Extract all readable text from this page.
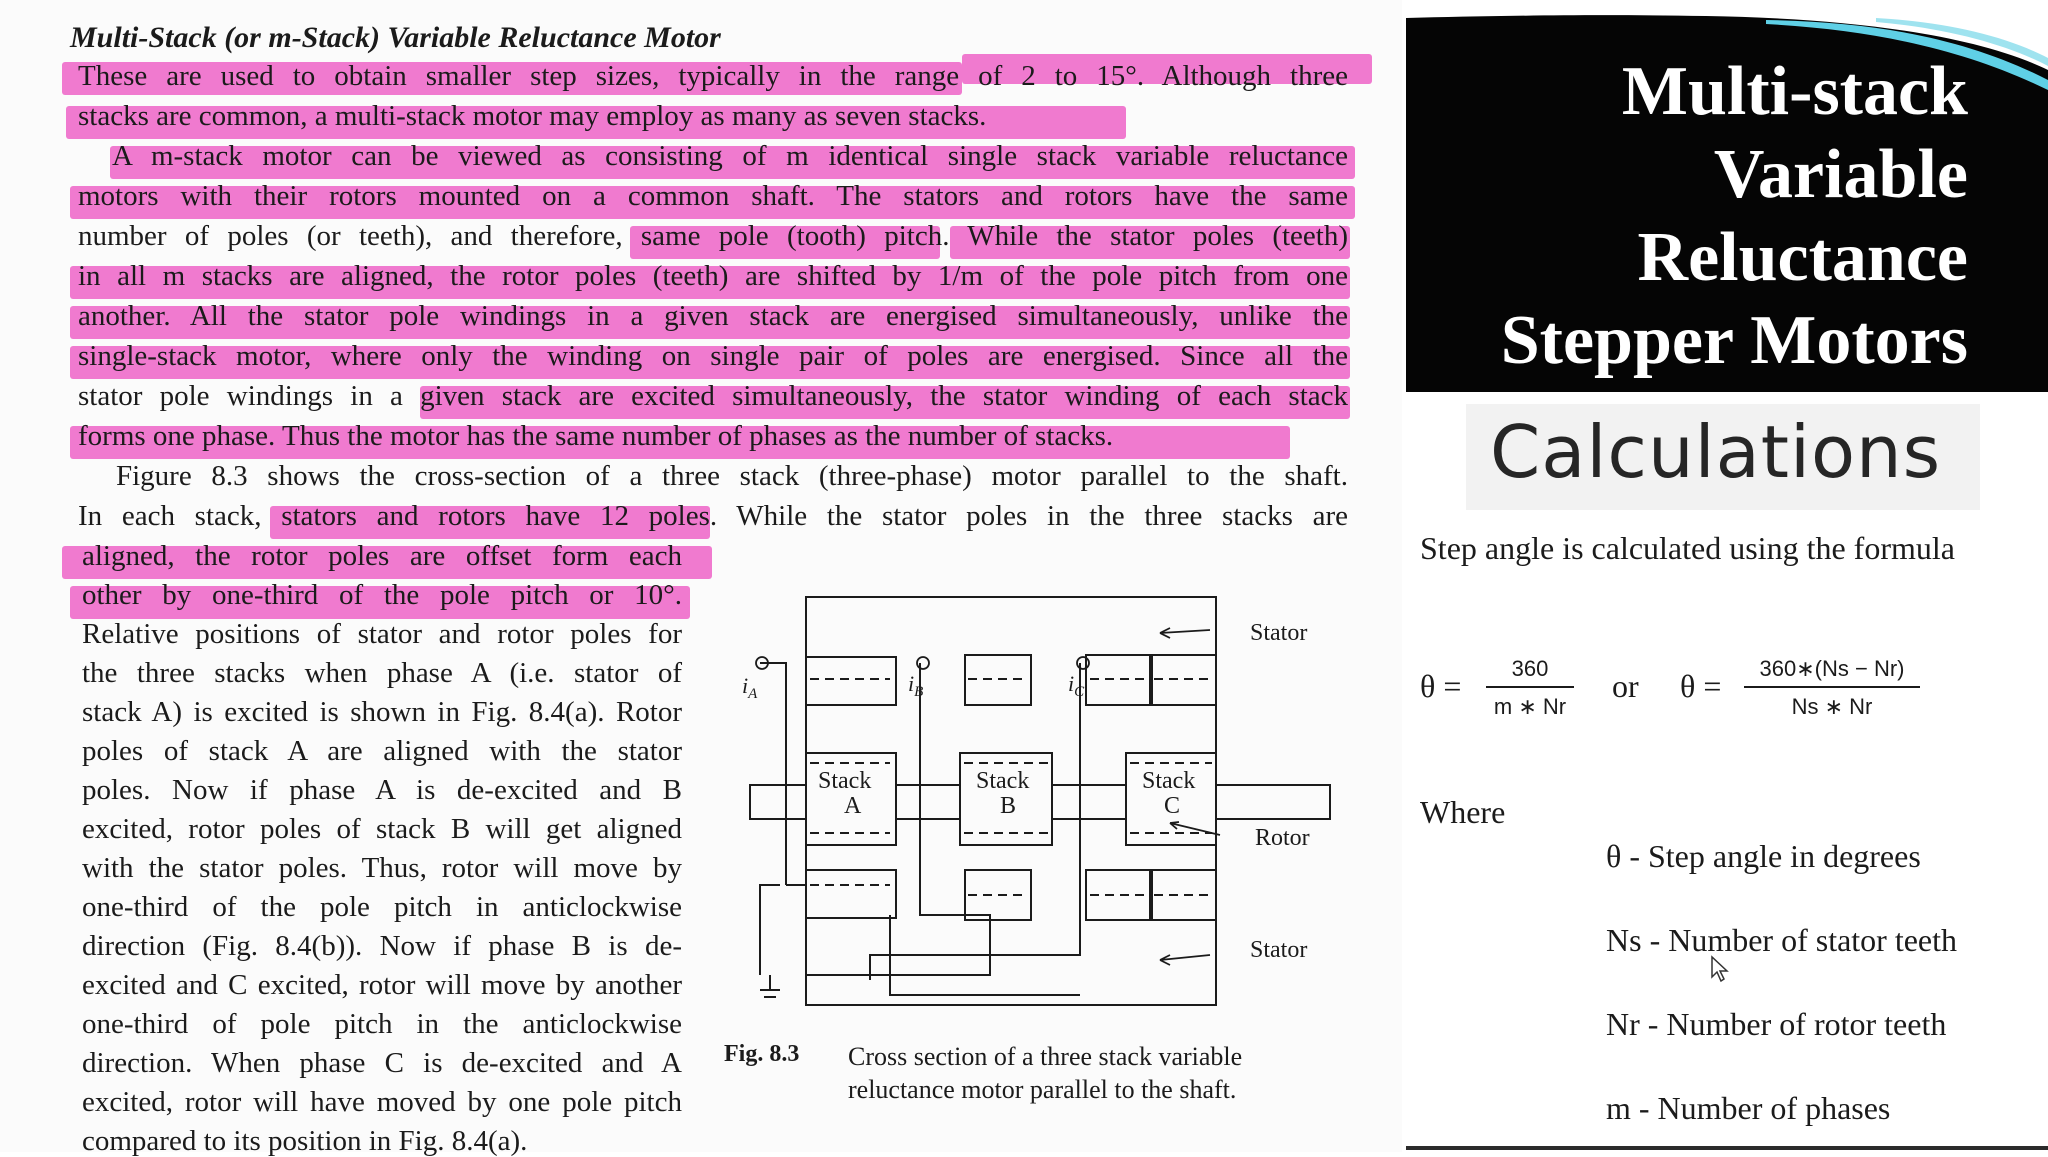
Multi-Stack (or m-Stack) Variable Reluctance Motor
These are used to obtain smaller step sizes, typically in the range of 2 to 15°. Although three
stacks are common, a multi-stack motor may employ as many as seven stacks.
A m-stack motor can be viewed as consisting of m identical single stack variable reluctance
motors with their rotors mounted on a common shaft. The stators and rotors have the same
number of poles (or teeth), and therefore, same pole (tooth) pitch. While the stator poles (teeth)
in all m stacks are aligned, the rotor poles (teeth) are shifted by 1/m of the pole pitch from one
another. All the stator pole windings in a given stack are energised simultaneously, unlike the
single-stack motor, where only the winding on single pair of poles are energised. Since all the
stator pole windings in a given stack are excited simultaneously, the stator winding of each stack
forms one phase. Thus the motor has the same number of phases as the number of stacks.
Figure 8.3 shows the cross-section of a three stack (three-phase) motor parallel to the shaft.
In each stack, stators and rotors have 12 poles. While the stator poles in the three stacks are
aligned, the rotor poles are offset form each
other by one-third of the pole pitch or 10°.
Relative positions of stator and rotor poles for
the three stacks when phase A (i.e. stator of
stack A) is excited is shown in Fig. 8.4(a). Rotor
poles of stack A are aligned with the stator
poles. Now if phase A is de-excited and B
excited, rotor poles of stack B will get aligned
with the stator poles. Thus, rotor will move by
one-third of the pole pitch in anticlockwise
direction (Fig. 8.4(b)). Now if phase B is de-
excited and C excited, rotor will move by another
one-third of pole pitch in the anticlockwise
direction. When phase C is de-excited and A
excited, rotor will have moved by one pole pitch
compared to its position in Fig. 8.4(a).
Stator
Rotor
Stator
Stack
A
Stack
B
Stack
C
$i_A$	$i_B$	$i_C$
Fig. 8.3 Cross section of a three stack variable reluctance motor parallel to the shaft.
Multi-stack
Variable
Reluctance
Stepper Motors
Calculations
Step angle is calculated using the formula
θ =	360
m ∗ Nr
or θ =	360∗(Ns − Nr)
Ns ∗ Nr
Where
θ - Step angle in degrees
Ns - Number of stator teeth
Nr - Number of rotor teeth
m - Number of phases
